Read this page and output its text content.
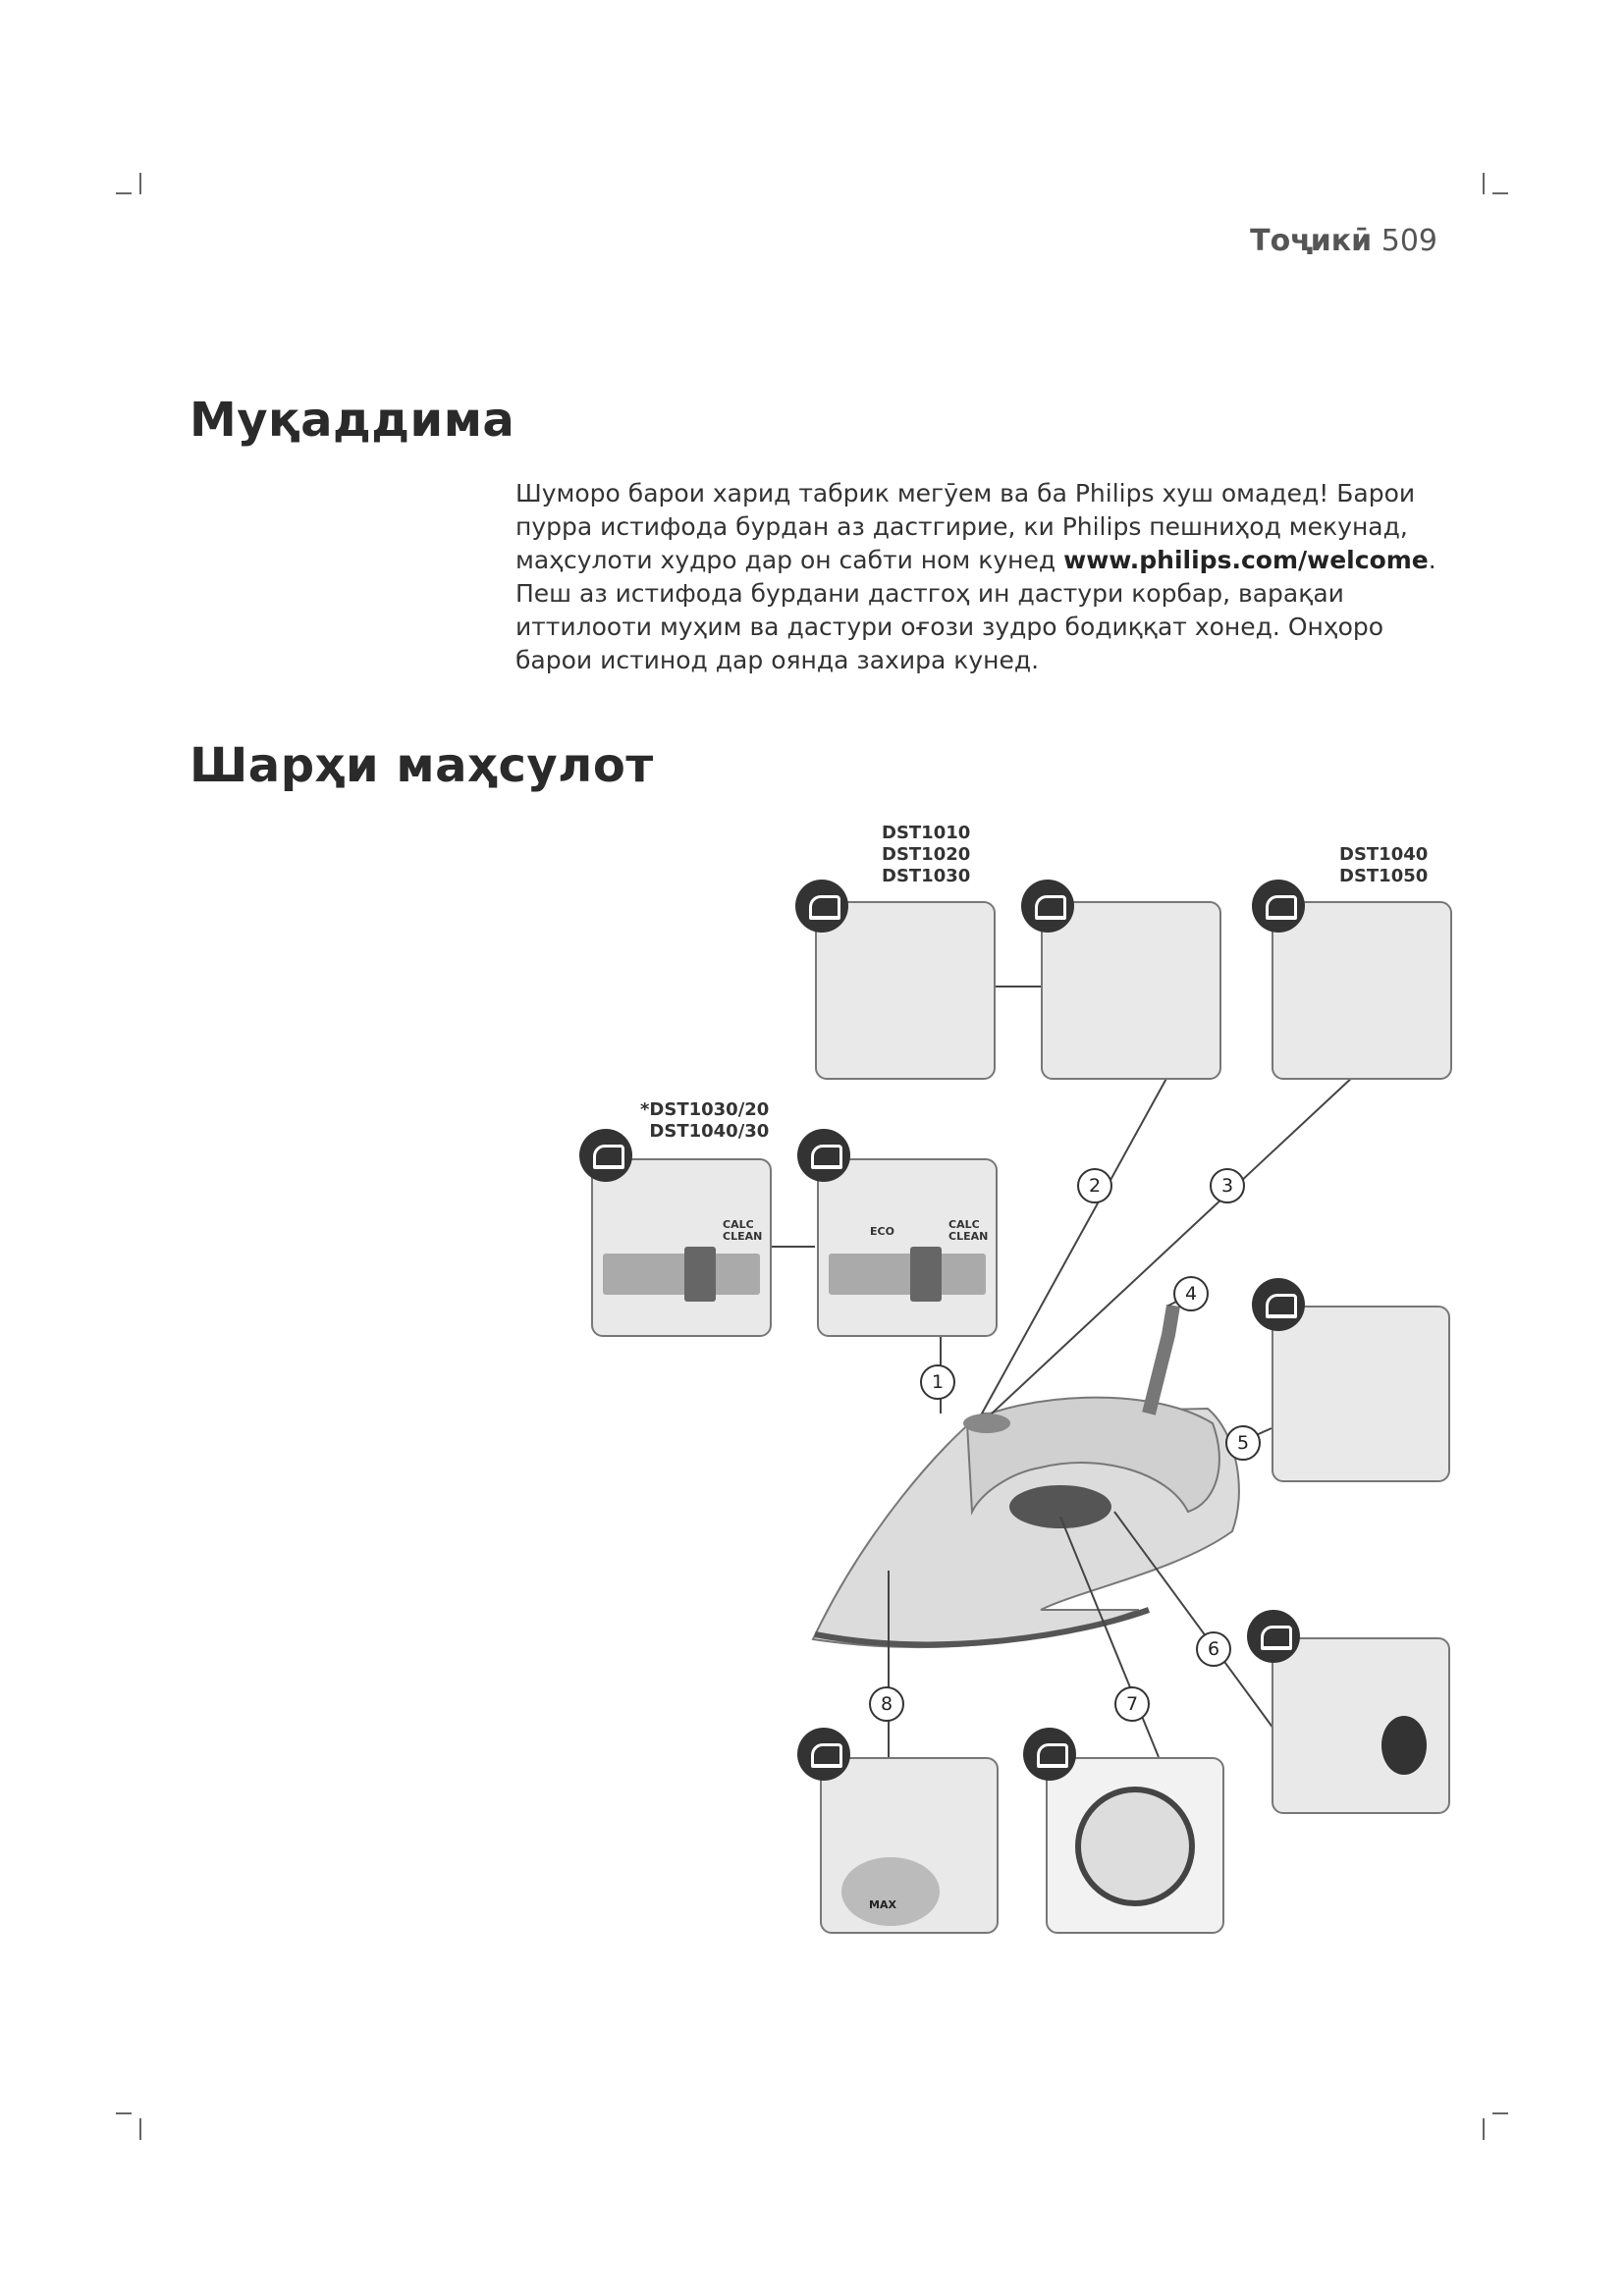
Тоҷикӣ 509
Муқаддима
Шуморо барои харид табрик мегӯем ва ба Philips хуш омадед! Барои пурра истифода бурдан аз дастгирие, ки Philips пешниҳод мекунад, маҳсулоти худро дар он сабти ном кунед www.philips.com/welcome. Пеш аз истифода бурдани дастгоҳ ин дастури корбар, варақаи иттилооти муҳим ва дастури оғози зудро бодиққат хонед. Онҳоро барои истинод дар оянда захира кунед.
Шарҳи маҳсулот
DST1010
DST1020
DST1030
DST1040
DST1050
*DST1030/20
DST1040/30
CALC
CLEAN	ECO
CALC
CLEAN
MAX
1
2	3
4
5
6
7
8
